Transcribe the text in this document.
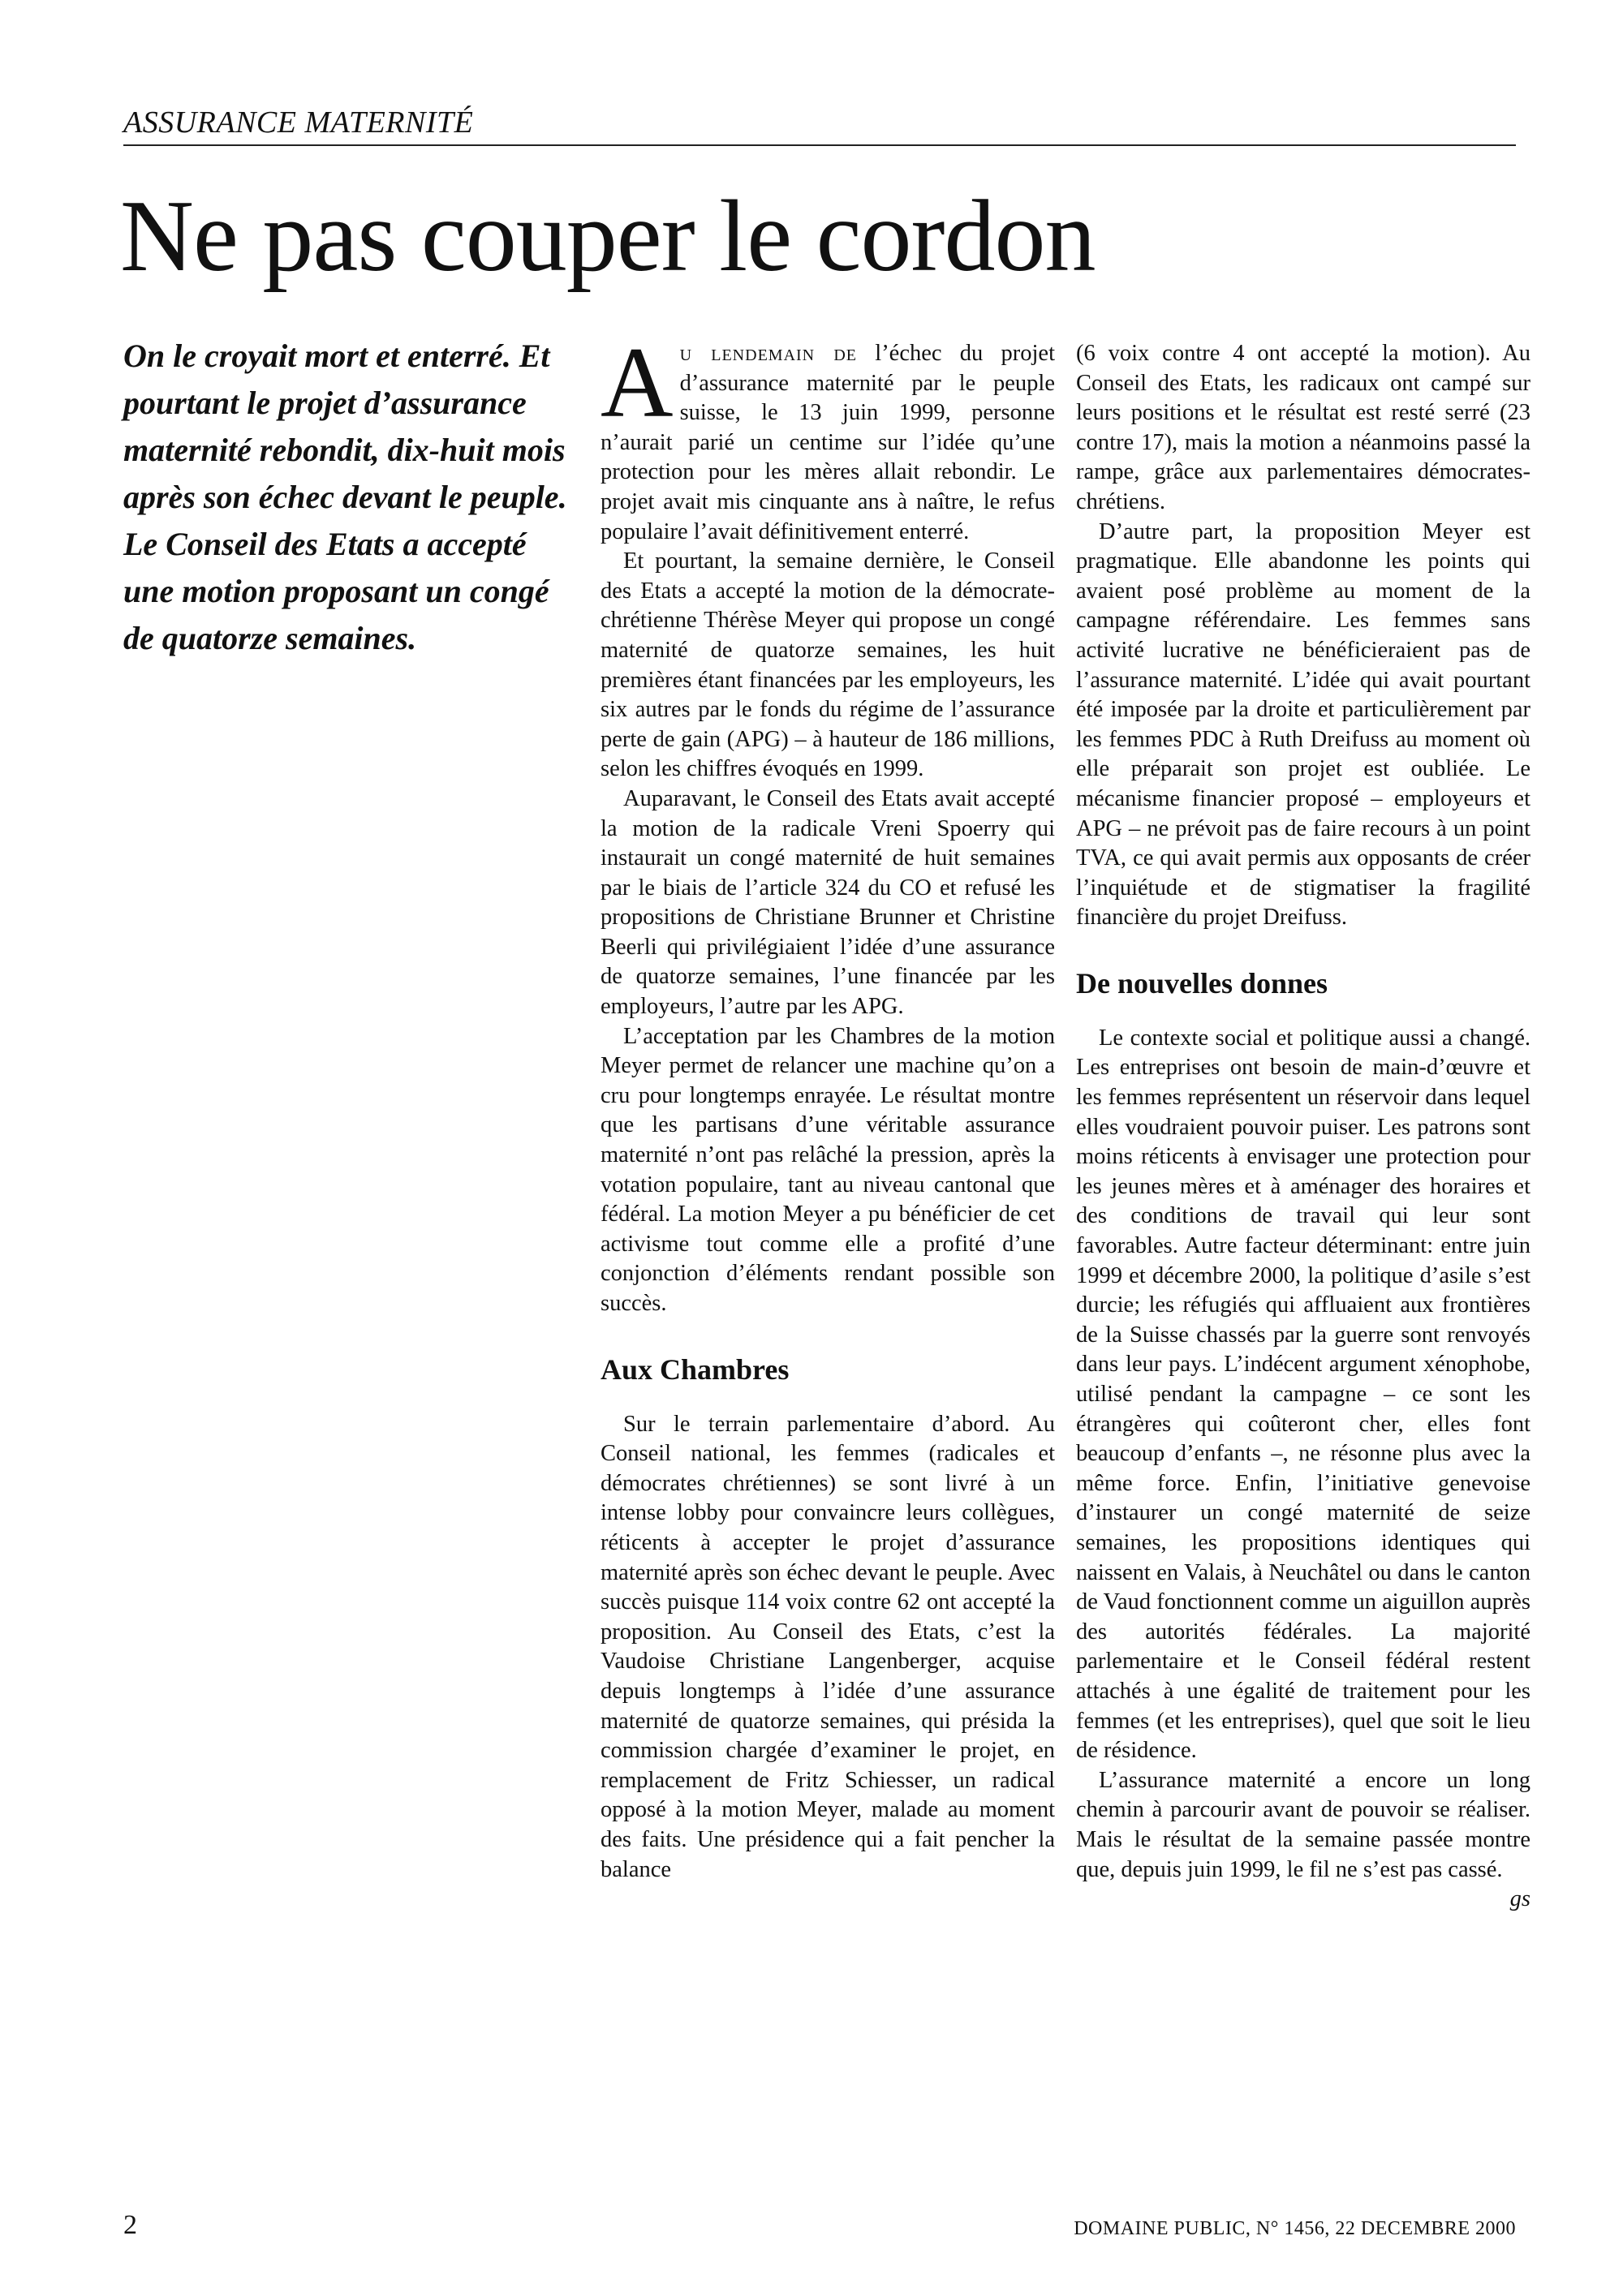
ASSURANCE MATERNITÉ
Ne pas couper le cordon

On le croyait mort et enterré. Et pourtant le projet d’assurance maternité rebondit, dix-huit mois après son échec devant le peuple.

Le Conseil des Etats a accepté une motion proposant un congé de quatorze semaines.

Au lendemain de l’échec du projet d’assurance maternité par le peuple suisse, le 13 juin 1999, personne n’aurait parié un centime sur l’idée qu’une protection pour les mères allait rebondir. Le projet avait mis cinquante ans à naître, le refus populaire l’avait définitivement enterré.

Et pourtant, la semaine dernière, le Conseil des Etats a accepté la motion de la démocrate-chrétienne Thérèse Meyer qui propose un congé maternité de quatorze semaines, les huit premières étant financées par les employeurs, les six autres par le fonds du régime de l’assurance perte de gain (APG) – à hauteur de 186 millions, selon les chiffres évoqués en 1999.

Auparavant, le Conseil des Etats avait accepté la motion de la radicale Vreni Spoerry qui instaurait un congé maternité de huit semaines par le biais de l’article 324 du CO et refusé les propositions de Christiane Brunner et Christine Beerli qui privilégiaient l’idée d’une assurance de quatorze semaines, l’une financée par les employeurs, l’autre par les APG.

L’acceptation par les Chambres de la motion Meyer permet de relancer une machine qu’on a cru pour longtemps enrayée. Le résultat montre que les partisans d’une véritable assurance maternité n’ont pas relâché la pression, après la votation populaire, tant au niveau cantonal que fédéral. La motion Meyer a pu bénéficier de cet activisme tout comme elle a profité d’une conjonction d’éléments rendant possible son succès.

Aux Chambres

Sur le terrain parlementaire d’abord. Au Conseil national, les femmes (radicales et démocrates chrétiennes) se sont livré à un intense lobby pour convaincre leurs collègues, réticents à accepter le projet d’assurance maternité après son échec devant le peuple. Avec succès puisque 114 voix contre 62 ont accepté la proposition. Au Conseil des Etats, c’est la Vaudoise Christiane Langenberger, acquise depuis longtemps à l’idée d’une assurance maternité de quatorze semaines, qui présida la commission chargée d’examiner le projet, en remplacement de Fritz Schiesser, un radical opposé à la motion Meyer, malade au moment des faits. Une présidence qui a fait pencher la balance

(6 voix contre 4 ont accepté la motion). Au Conseil des Etats, les radicaux ont campé sur leurs positions et le résultat est resté serré (23 contre 17), mais la motion a néanmoins passé la rampe, grâce aux parlementaires démocrates-chrétiens.

D’autre part, la proposition Meyer est pragmatique. Elle abandonne les points qui avaient posé problème au moment de la campagne référendaire. Les femmes sans activité lucrative ne bénéficieraient pas de l’assurance maternité. L’idée qui avait pourtant été imposée par la droite et particulièrement par les femmes PDC à Ruth Dreifuss au moment où elle préparait son projet est oubliée. Le mécanisme financier proposé – employeurs et APG – ne prévoit pas de faire recours à un point TVA, ce qui avait permis aux opposants de créer l’inquiétude et de stigmatiser la fragilité financière du projet Dreifuss.

De nouvelles donnes

Le contexte social et politique aussi a changé. Les entreprises ont besoin de main-d’œuvre et les femmes représentent un réservoir dans lequel elles voudraient pouvoir puiser. Les patrons sont moins réticents à envisager une protection pour les jeunes mères et à aménager des horaires et des conditions de travail qui leur sont favorables. Autre facteur déterminant: entre juin 1999 et décembre 2000, la politique d’asile s’est durcie; les réfugiés qui affluaient aux frontières de la Suisse chassés par la guerre sont renvoyés dans leur pays. L’indécent argument xénophobe, utilisé pendant la campagne – ce sont les étrangères qui coûteront cher, elles font beaucoup d’enfants –, ne résonne plus avec la même force. Enfin, l’initiative genevoise d’instaurer un congé maternité de seize semaines, les propositions identiques qui naissent en Valais, à Neuchâtel ou dans le canton de Vaud fonctionnent comme un aiguillon auprès des autorités fédérales. La majorité parlementaire et le Conseil fédéral restent attachés à une égalité de traitement pour les femmes (et les entreprises), quel que soit le lieu de résidence.

L’assurance maternité a encore un long chemin à parcourir avant de pouvoir se réaliser. Mais le résultat de la semaine passée montre que, depuis juin 1999, le fil ne s’est pas cassé.
gs

2	DOMAINE PUBLIC, N° 1456, 22 DECEMBRE 2000
